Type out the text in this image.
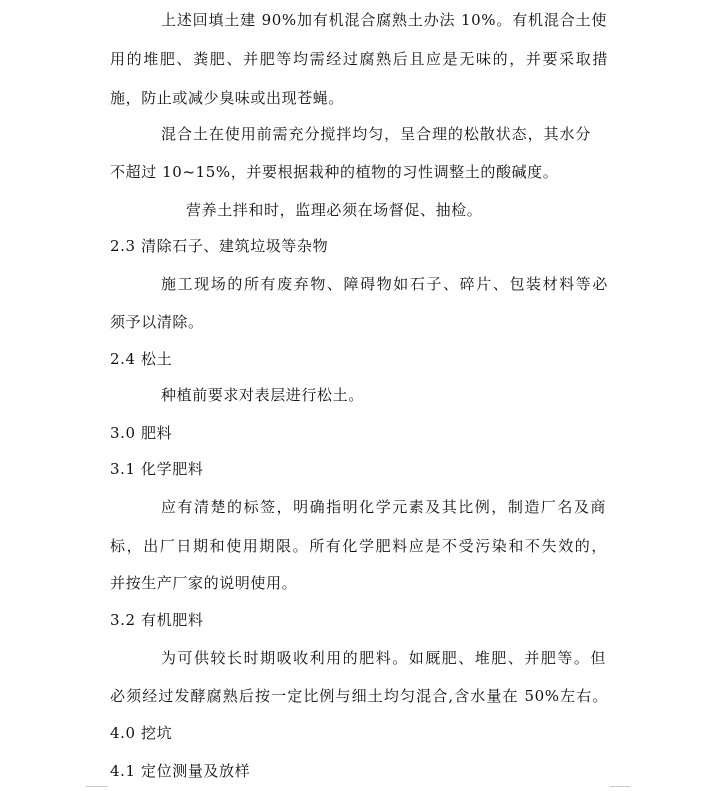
上述回填土建 90%加有机混合腐熟土办法 10%。有机混合土使
用的堆肥、粪肥、并肥等均需经过腐熟后且应是无味的，并要采取措
施，防止或减少臭味或出现苍蝇。
混合土在使用前需充分搅拌均匀，呈合理的松散状态，其水分
不超过 10~15%，并要根据栽种的植物的习性调整土的酸碱度。
营养土拌和时，监理必须在场督促、抽检。
2.3 清除石子、建筑垃圾等杂物
施工现场的所有废弃物、障碍物如石子、碎片、包装材料等必
须予以清除。
2.4 松土
种植前要求对表层进行松土。
3.0 肥料
3.1 化学肥料
应有清楚的标签，明确指明化学元素及其比例，制造厂名及商
标，出厂日期和使用期限。所有化学肥料应是不受污染和不失效的，
并按生产厂家的说明使用。
3.2 有机肥料
为可供较长时期吸收利用的肥料。如厩肥、堆肥、并肥等。但
必须经过发酵腐熟后按一定比例与细土均匀混合,含水量在 50%左右。
4.0 挖坑
4.1 定位测量及放样
